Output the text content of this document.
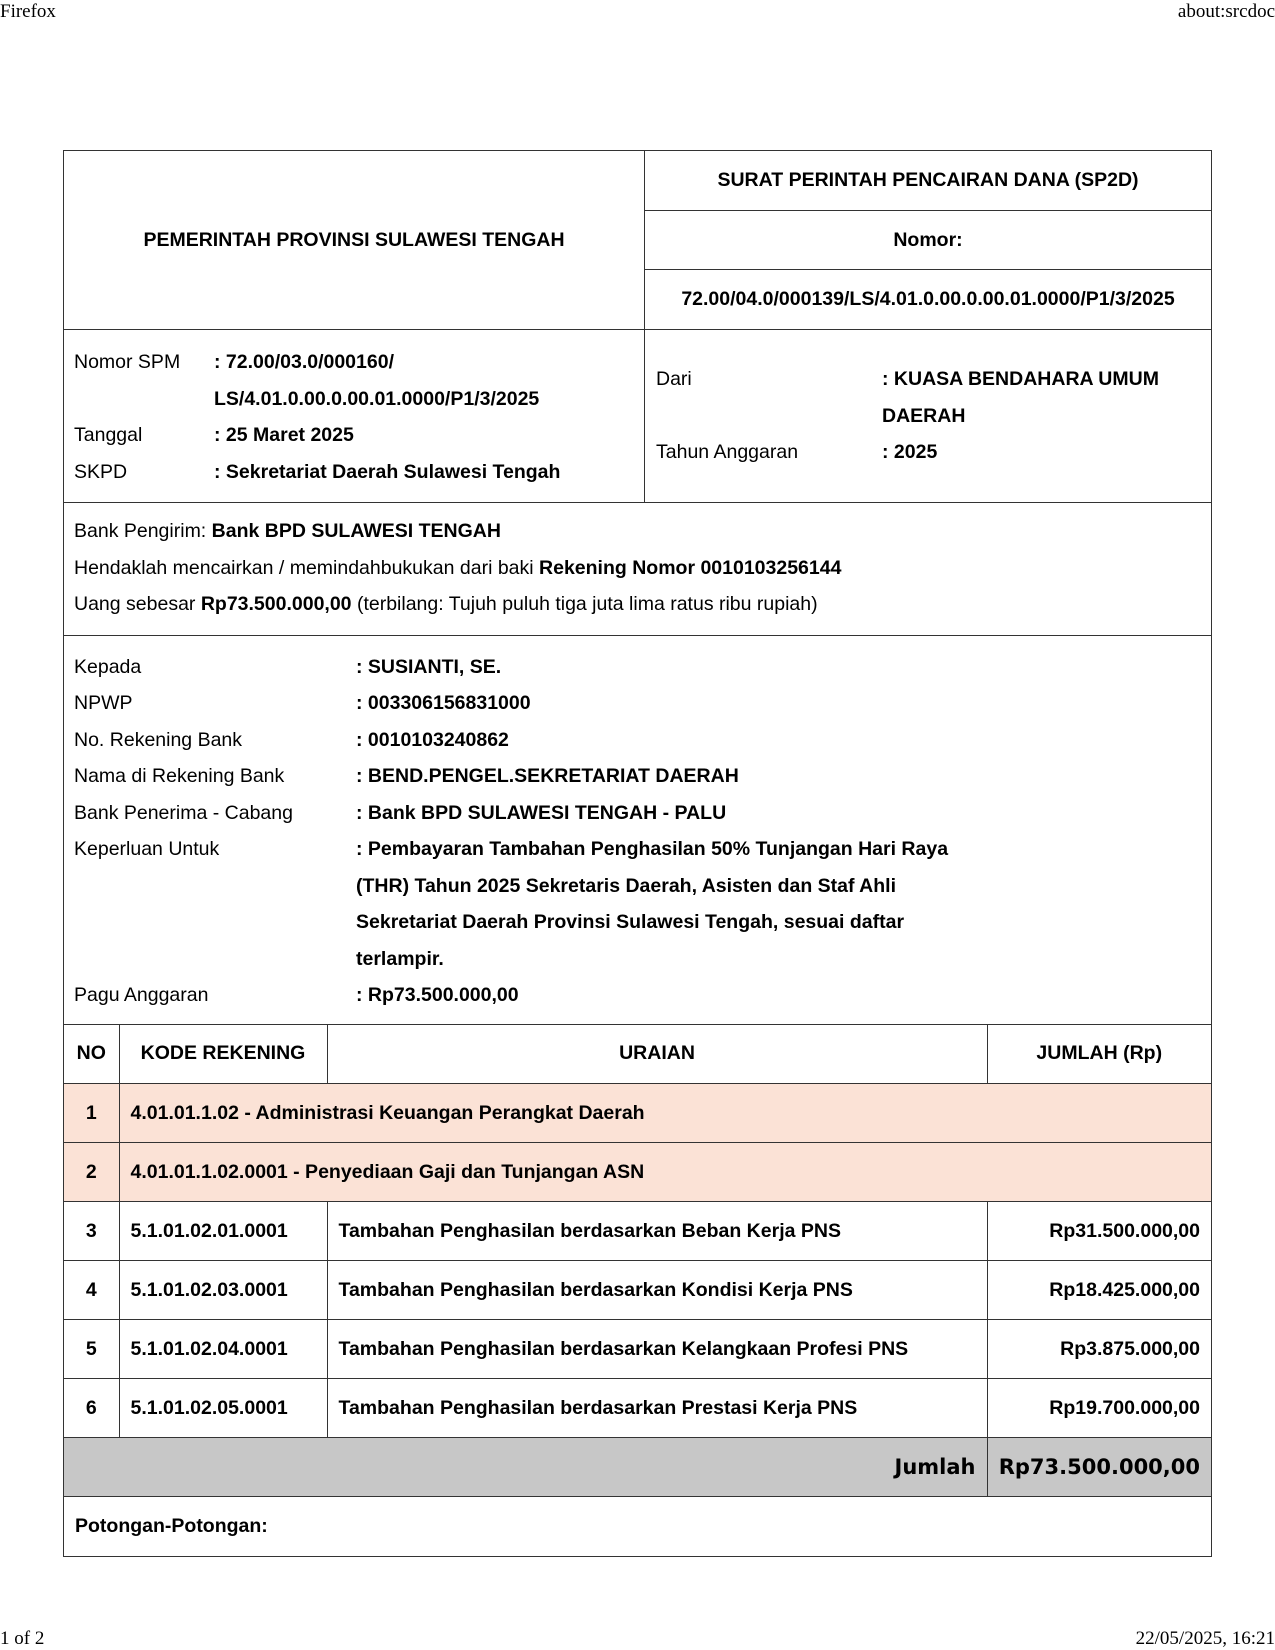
Firefox	about:srcdoc
PEMERINTAH PROVINSI SULAWESI TENGAH
SURAT PERINTAH PENCAIRAN DANA (SP2D)
Nomor:
72.00/04.0/000139/LS/4.01.0.00.0.00.01.0000/P1/3/2025
Nomor SPM	: 72.00/03.0/000160/ LS/4.01.0.00.0.00.01.0000/P1/3/2025
Tanggal	: 25 Maret 2025
SKPD	: Sekretariat Daerah Sulawesi Tengah
Dari	: KUASA BENDAHARA UMUM DAERAH
Tahun Anggaran	: 2025
Bank Pengirim: Bank BPD SULAWESI TENGAH
Hendaklah mencairkan / memindahbukukan dari baki Rekening Nomor 0010103256144
Uang sebesar Rp73.500.000,00 (terbilang: Tujuh puluh tiga juta lima ratus ribu rupiah)
Kepada	: SUSIANTI, SE.
NPWP	: 003306156831000
No. Rekening Bank	: 0010103240862
Nama di Rekening Bank	: BEND.PENGEL.SEKRETARIAT DAERAH
Bank Penerima - Cabang	: Bank BPD SULAWESI TENGAH - PALU
Keperluan Untuk	: Pembayaran Tambahan Penghasilan 50% Tunjangan Hari Raya (THR) Tahun 2025 Sekretaris Daerah, Asisten dan Staf Ahli Sekretariat Daerah Provinsi Sulawesi Tengah, sesuai daftar terlampir.
Pagu Anggaran	: Rp73.500.000,00
NO	KODE REKENING	URAIAN	JUMLAH (Rp)
1	4.01.01.1.02 - Administrasi Keuangan Perangkat Daerah		
2	4.01.01.1.02.0001 - Penyediaan Gaji dan Tunjangan ASN		
3	5.1.01.02.01.0001	Tambahan Penghasilan berdasarkan Beban Kerja PNS	Rp31.500.000,00
4	5.1.01.02.03.0001	Tambahan Penghasilan berdasarkan Kondisi Kerja PNS	Rp18.425.000,00
5	5.1.01.02.04.0001	Tambahan Penghasilan berdasarkan Kelangkaan Profesi PNS	Rp3.875.000,00
6	5.1.01.02.05.0001	Tambahan Penghasilan berdasarkan Prestasi Kerja PNS	Rp19.700.000,00
Jumlah			Rp73.500.000,00
Potongan-Potongan:			
1 of 2	22/05/2025, 16:21
